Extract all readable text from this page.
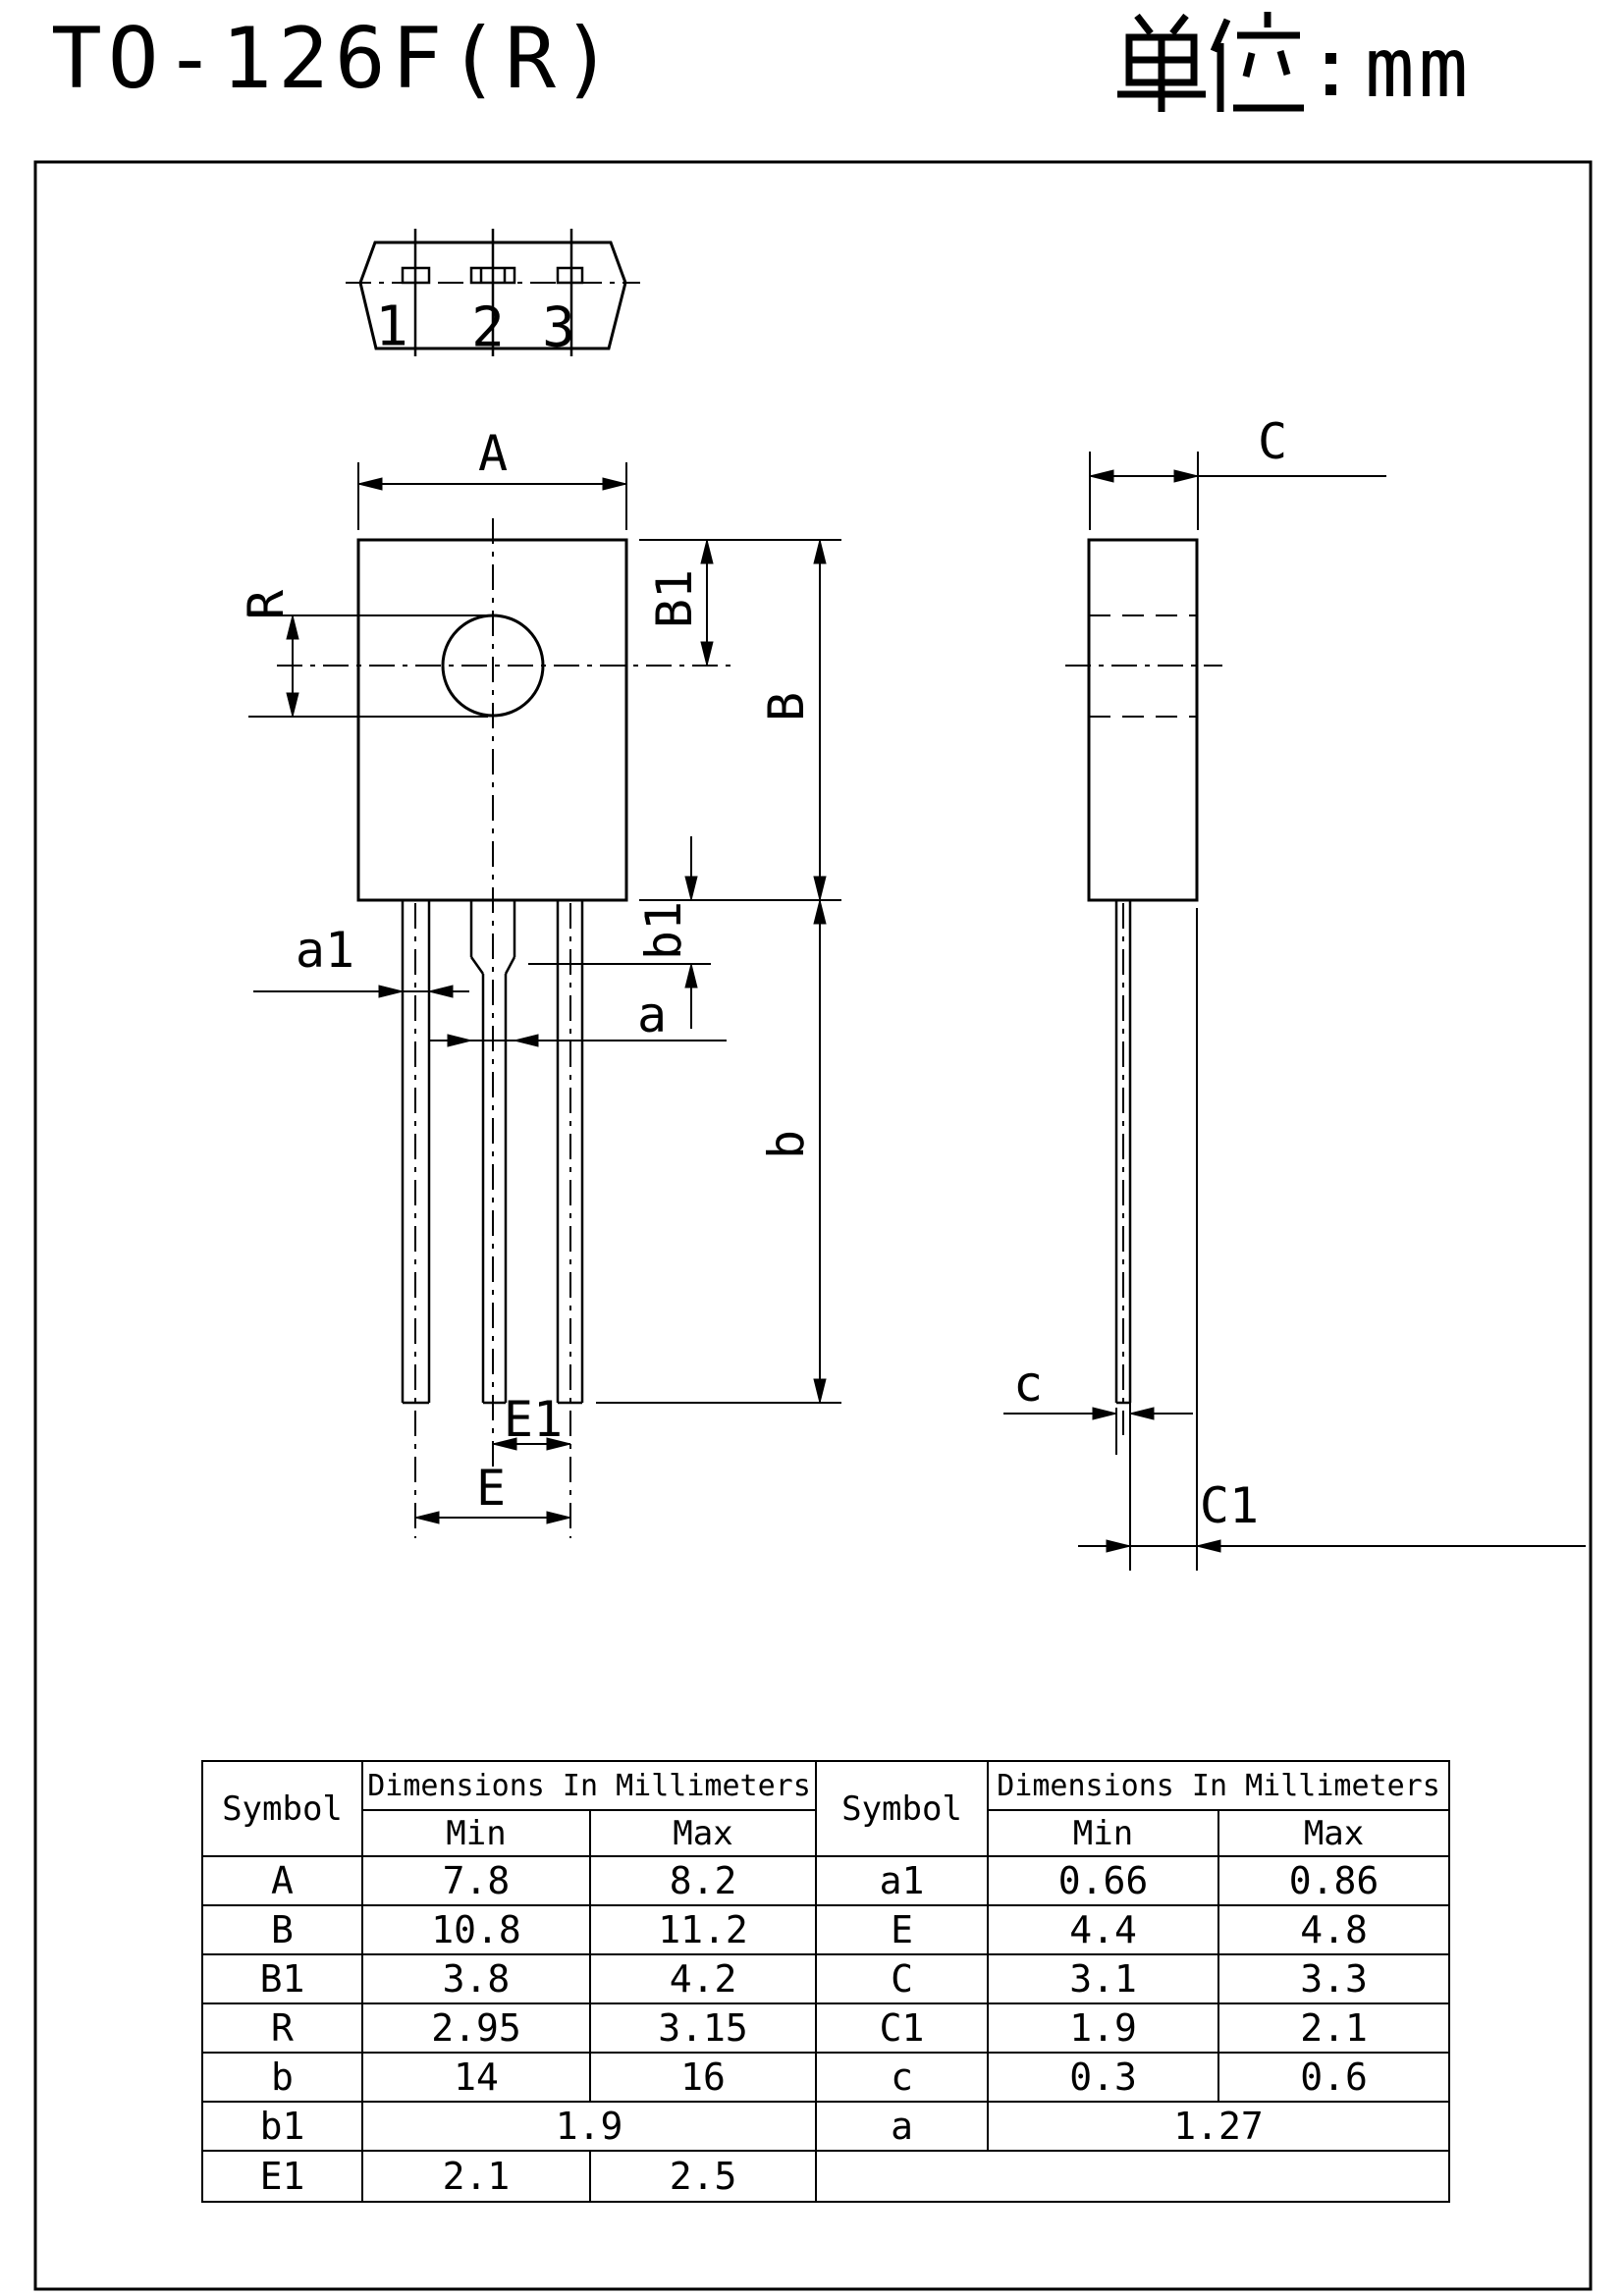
TO-126F(R)	mm
1 2 3
A
R	B1
B
b
b1
a1
a
E1
E
C
c
C1
Symbol	Dimensions In Millimeters		Symbol	Dimensions In Millimeters	
	Min	Max		Min	Max
A	7.8	8.2	a1	0.66	0.86
B	10.8	11.2	E	4.4	4.8
B1	3.8	4.2	C	3.1	3.3
R	2.95	3.15	C1	1.9	2.1
b	14	16	c	0.3	0.6
b1	1.9		a	1.27	
E1	2.1	2.5			
